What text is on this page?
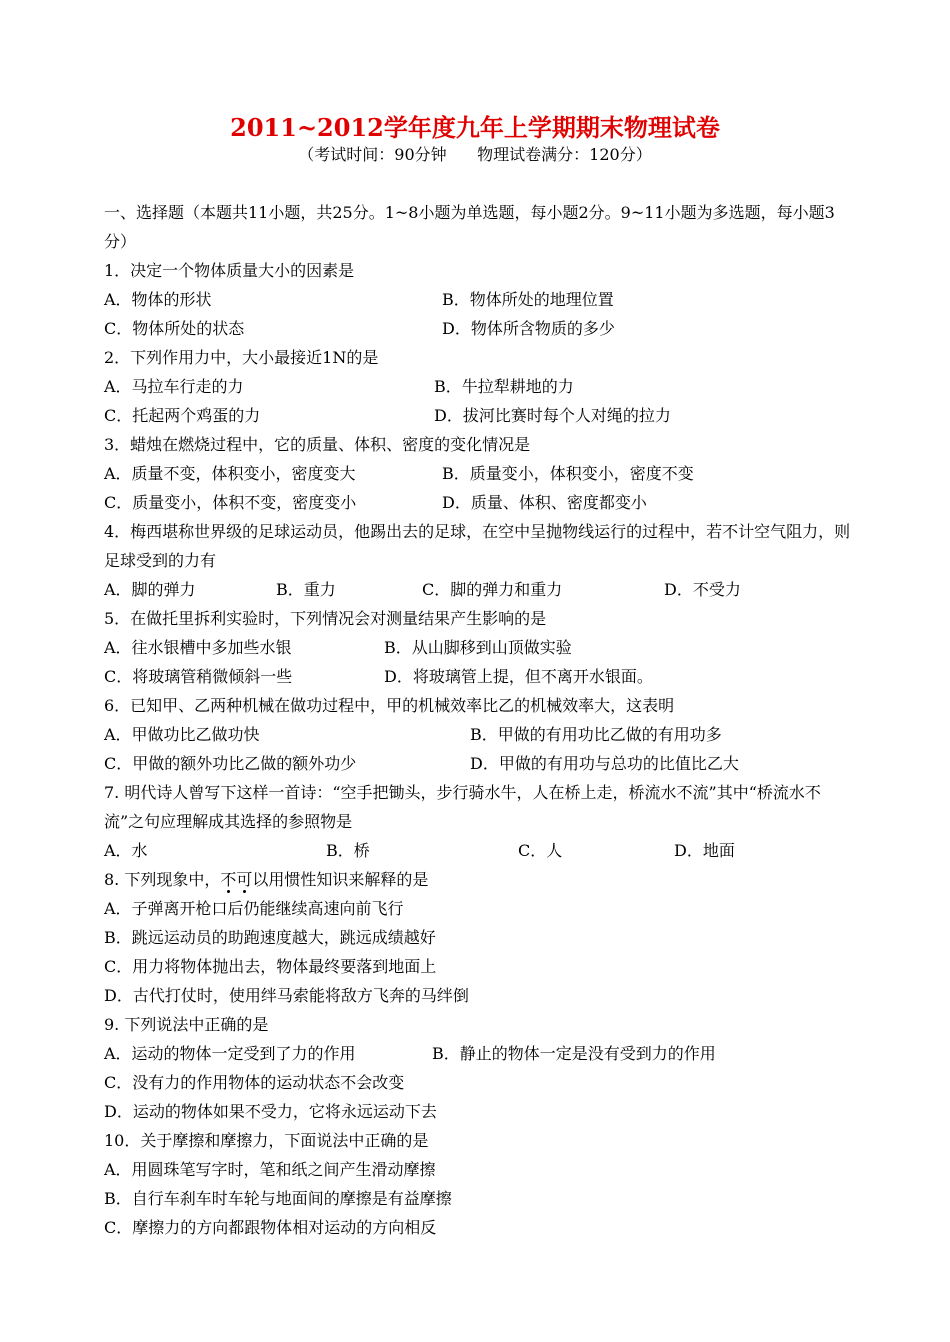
2011~2012学年度九年上学期期末物理试卷
（考试时间：90分钟      物理试卷满分：120分）
一、选择题（本题共11小题，共25分。1~8小题为单选题，每小题2分。9~11小题为多选题，每小题3分）
1．决定一个物体质量大小的因素是
A．物体的形状	B．物体所处的地理位置
C．物体所处的状态	D．物体所含物质的多少
2．下列作用力中，大小最接近1N的是
A．马拉车行走的力	B．牛拉犁耕地的力
C．托起两个鸡蛋的力	D．拔河比赛时每个人对绳的拉力
3．蜡烛在燃烧过程中，它的质量、体积、密度的变化情况是
A．质量不变，体积变小，密度变大	B．质量变小，体积变小，密度不变
C．质量变小，体积不变，密度变小	D．质量、体积、密度都变小
4．梅西堪称世界级的足球运动员，他踢出去的足球，在空中呈抛物线运行的过程中，若不计空气阻力，则足球受到的力有
A．脚的弹力	B．重力	C．脚的弹力和重力	D．不受力
5．在做托里拆利实验时，下列情况会对测量结果产生影响的是
A．往水银槽中多加些水银	B．从山脚移到山顶做实验
C．将玻璃管稍微倾斜一些	D．将玻璃管上提，但不离开水银面。
6．已知甲、乙两种机械在做功过程中，甲的机械效率比乙的机械效率大，这表明
A．甲做功比乙做功快	B．甲做的有用功比乙做的有用功多
C．甲做的额外功比乙做的额外功少	D．甲做的有用功与总功的比值比乙大
7. 明代诗人曾写下这样一首诗：“空手把锄头，步行骑水牛，人在桥上走，桥流水不流”其中“桥流水不流”之句应理解成其选择的参照物是
A．水	B．桥	C．人	D．地面
8. 下列现象中，不可以用惯性知识来解释的是
A．子弹离开枪口后仍能继续高速向前飞行
B．跳远运动员的助跑速度越大，跳远成绩越好
C．用力将物体抛出去，物体最终要落到地面上
D．古代打仗时，使用绊马索能将敌方飞奔的马绊倒
9. 下列说法中正确的是
A．运动的物体一定受到了力的作用	B．静止的物体一定是没有受到力的作用
C．没有力的作用物体的运动状态不会改变
D．运动的物体如果不受力，它将永远运动下去
10．关于摩擦和摩擦力，下面说法中正确的是
A．用圆珠笔写字时，笔和纸之间产生滑动摩擦
B．自行车刹车时车轮与地面间的摩擦是有益摩擦
C．摩擦力的方向都跟物体相对运动的方向相反
